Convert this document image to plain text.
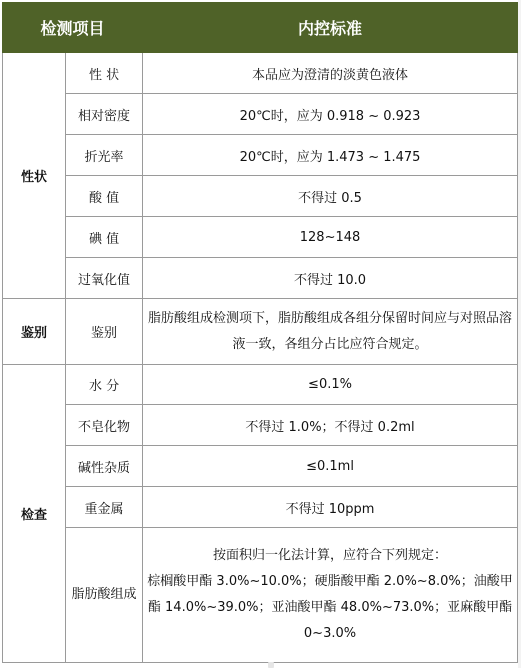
检测项目		内控标准
性状	性 状	本品应为澄清的淡黄色液体
	相对密度	20℃时，应为 0.918 ~ 0.923
	折光率	20℃时，应为 1.473 ~ 1.475
	酸 值	不得过 0.5
	碘 值	128~148
	过氧化值	不得过 10.0
鉴别	鉴别	脂肪酸组成检测项下，脂肪酸组成各组分保留时间应与对照品溶液一致，各组分占比应符合规定。
检查	水 分	≤0.1%
	不皂化物	不得过 1.0%；不得过 0.2ml
	碱性杂质	≤0.1ml
	重金属	不得过 10ppm
	脂肪酸组成	按面积归一化法计算，应符合下列规定：
棕榈酸甲酯 3.0%~10.0%；硬脂酸甲酯 2.0%~8.0%；油酸甲酯 14.0%~39.0%；亚油酸甲酯 48.0%~73.0%；亚麻酸甲酯 0~3.0%
